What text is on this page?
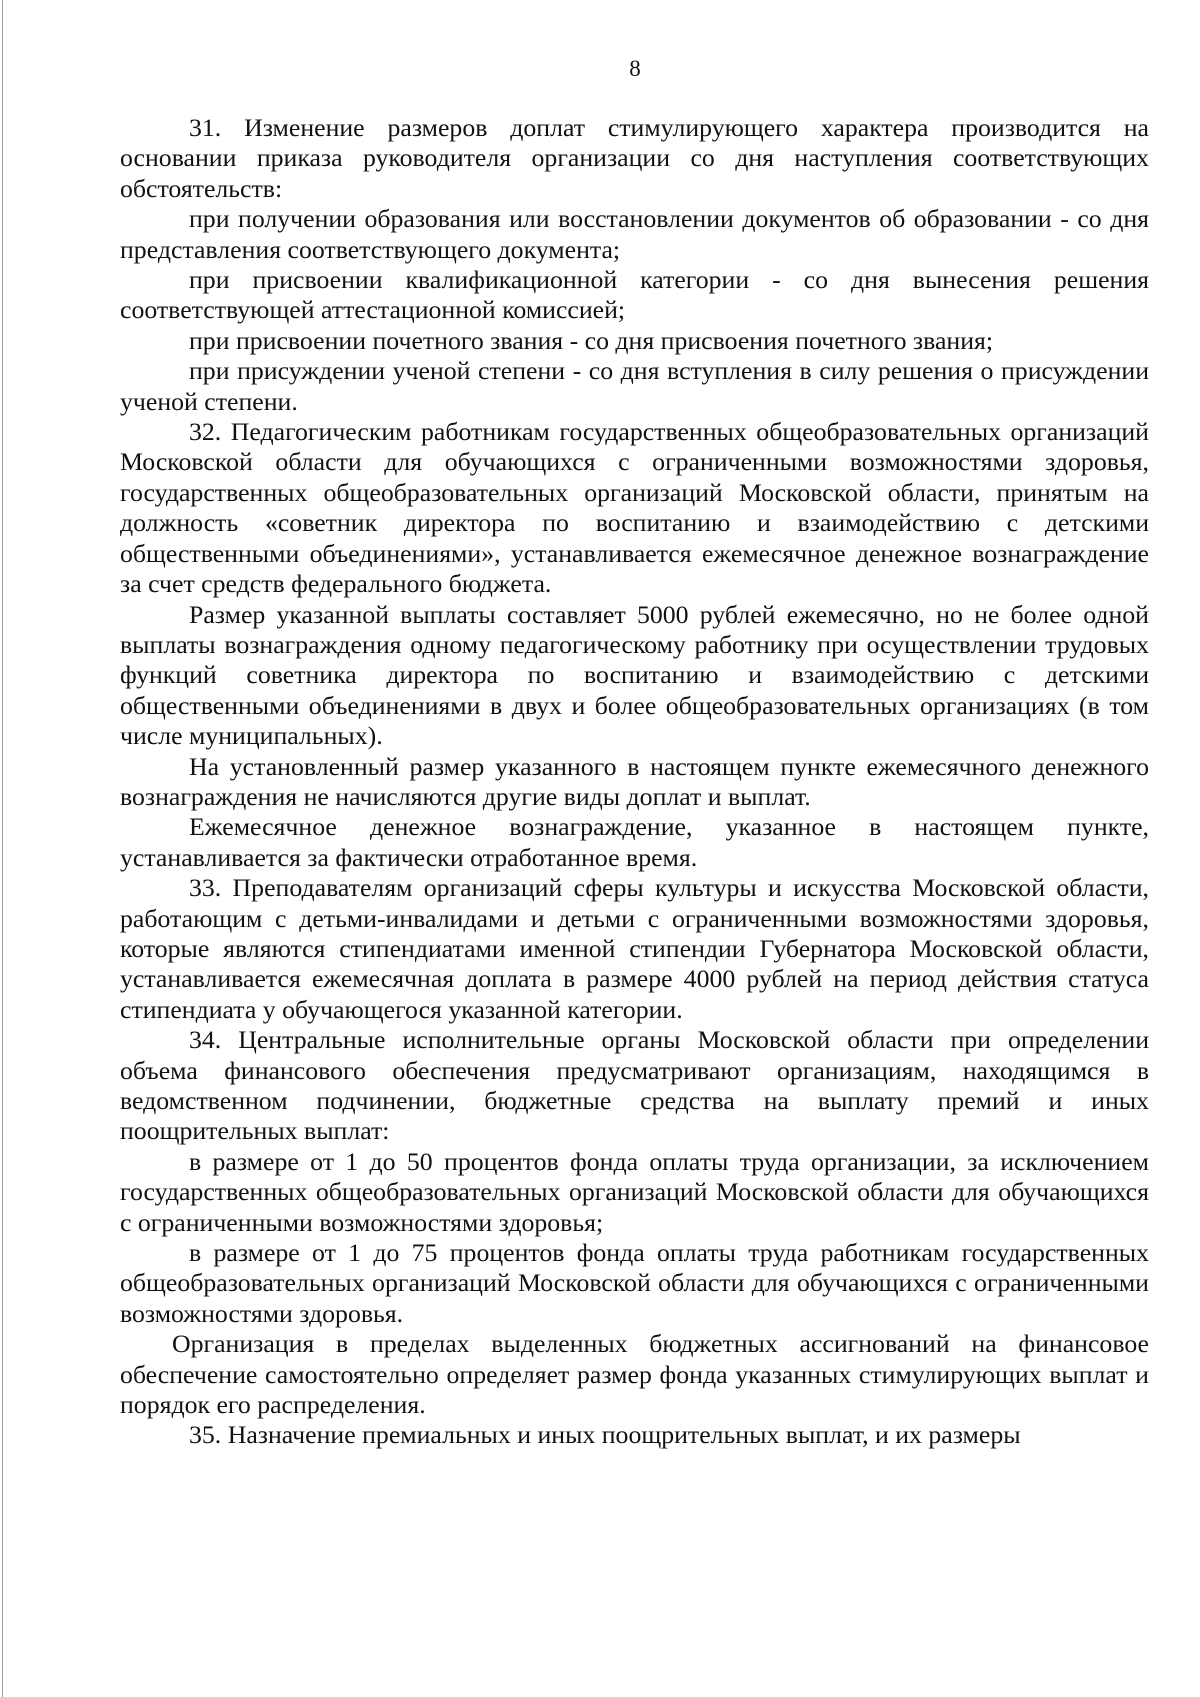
8

31. Изменение размеров доплат стимулирующего характера производится на основании приказа руководителя организации со дня наступления соответствующих обстоятельств:

при получении образования или восстановлении документов об образовании - со дня представления соответствующего документа;

при присвоении квалификационной категории - со дня вынесения решения соответствующей аттестационной комиссией;

при присвоении почетного звания - со дня присвоения почетного звания;

при присуждении ученой степени - со дня вступления в силу решения о присуждении ученой степени.

32. Педагогическим работникам государственных общеобразовательных организаций Московской области для обучающихся с ограниченными возможностями здоровья, государственных общеобразовательных организаций Московской области, принятым на должность «советник директора по воспитанию и взаимодействию с детскими общественными объединениями», устанавливается ежемесячное денежное вознаграждение за счет средств федерального бюджета.

Размер указанной выплаты составляет 5000 рублей ежемесячно, но не более одной выплаты вознаграждения одному педагогическому работнику при осуществлении трудовых функций советника директора по воспитанию и взаимодействию с детскими общественными объединениями в двух и более общеобразовательных организациях (в том числе муниципальных).

На установленный размер указанного в настоящем пункте ежемесячного денежного вознаграждения не начисляются другие виды доплат и выплат.

Ежемесячное денежное вознаграждение, указанное в настоящем пункте, устанавливается за фактически отработанное время.

33. Преподавателям организаций сферы культуры и искусства Московской области, работающим с детьми-инвалидами и детьми с ограниченными возможностями здоровья, которые являются стипендиатами именной стипендии Губернатора Московской области, устанавливается ежемесячная доплата в размере 4000 рублей на период действия статуса стипендиата у обучающегося указанной категории.

34. Центральные исполнительные органы Московской области при определении объема финансового обеспечения предусматривают организациям, находящимся в ведомственном подчинении, бюджетные средства на выплату премий и иных поощрительных выплат:

в размере от 1 до 50 процентов фонда оплаты труда организации, за исключением государственных общеобразовательных организаций Московской области для обучающихся с ограниченными возможностями здоровья;

в размере от 1 до 75 процентов фонда оплаты труда работникам государственных общеобразовательных организаций Московской области для обучающихся с ограниченными возможностями здоровья.

Организация в пределах выделенных бюджетных ассигнований на финансовое обеспечение самостоятельно определяет размер фонда указанных стимулирующих выплат и порядок его распределения.

35. Назначение премиальных и иных поощрительных выплат, и их размеры
